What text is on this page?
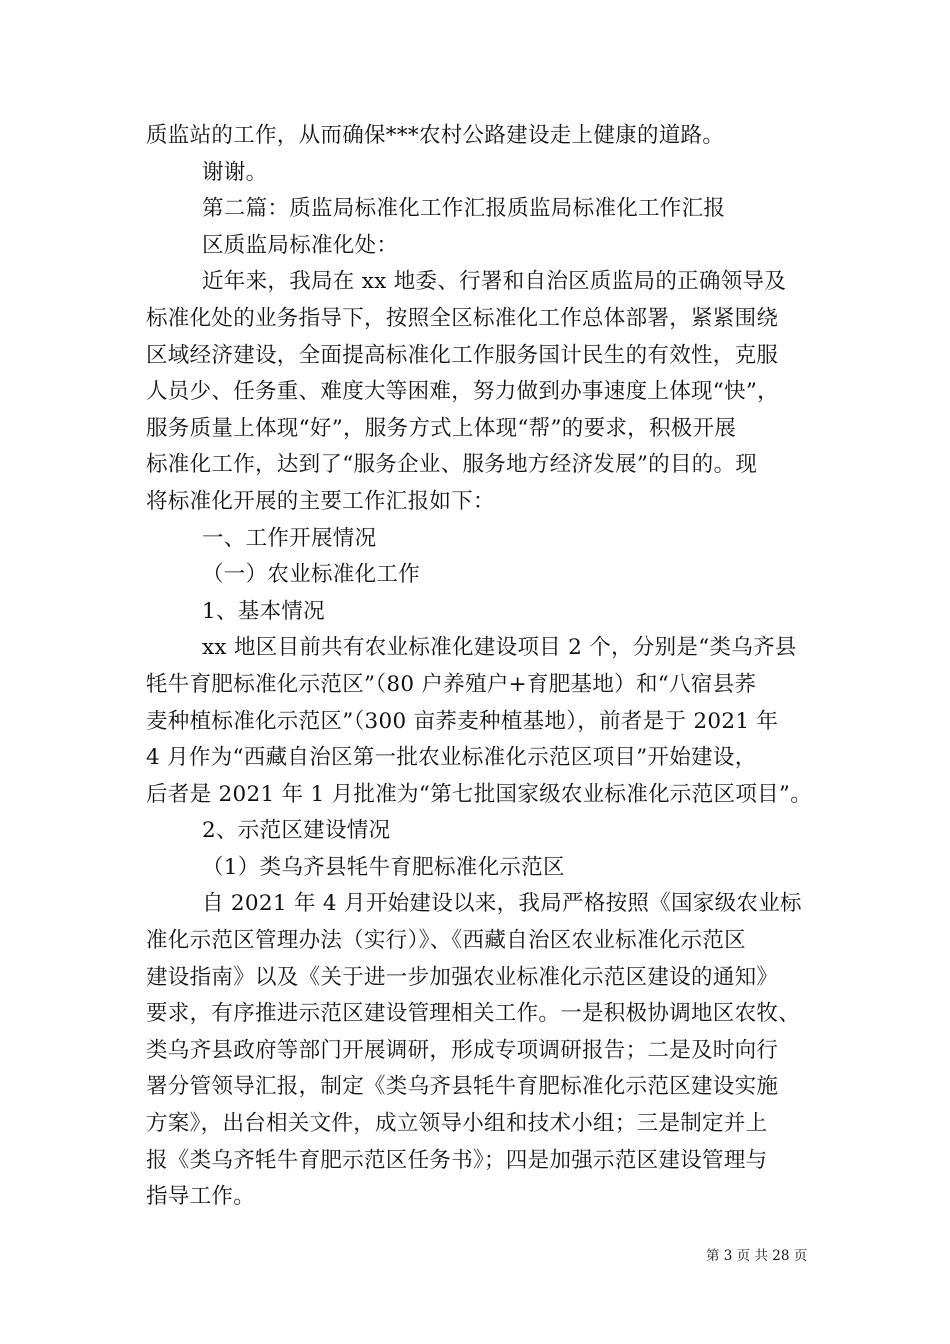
质监站的工作，从而确保***农村公路建设走上健康的道路。
谢谢。
第二篇：质监局标准化工作汇报质监局标准化工作汇报
区质监局标准化处：
近年来，我局在 xx 地委、行署和自治区质监局的正确领导及
标准化处的业务指导下，按照全区标准化工作总体部署，紧紧围绕
区域经济建设，全面提高标准化工作服务国计民生的有效性，克服
人员少、任务重、难度大等困难，努力做到办事速度上体现“快”，
服务质量上体现“好”，服务方式上体现“帮”的要求，积极开展
标准化工作，达到了“服务企业、服务地方经济发展”的目的。现
将标准化开展的主要工作汇报如下：
一、工作开展情况
（一）农业标准化工作
1、基本情况
xx 地区目前共有农业标准化建设项目 2 个，分别是“类乌齐县
牦牛育肥标准化示范区”（80 户养殖户+育肥基地）和“八宿县荞
麦种植标准化示范区”（300 亩荞麦种植基地），前者是于 2021 年
4 月作为“西藏自治区第一批农业标准化示范区项目”开始建设，
后者是 2021 年 1 月批准为“第七批国家级农业标准化示范区项目”。
2、示范区建设情况
（1）类乌齐县牦牛育肥标准化示范区
自 2021 年 4 月开始建设以来，我局严格按照《国家级农业标
准化示范区管理办法（实行）》、《西藏自治区农业标准化示范区
建设指南》以及《关于进一步加强农业标准化示范区建设的通知》
要求，有序推进示范区建设管理相关工作。一是积极协调地区农牧、
类乌齐县政府等部门开展调研，形成专项调研报告；二是及时向行
署分管领导汇报，制定《类乌齐县牦牛育肥标准化示范区建设实施
方案》，出台相关文件，成立领导小组和技术小组；三是制定并上
报《类乌齐牦牛育肥示范区任务书》；四是加强示范区建设管理与
指导工作。
第 3 页 共 28 页
